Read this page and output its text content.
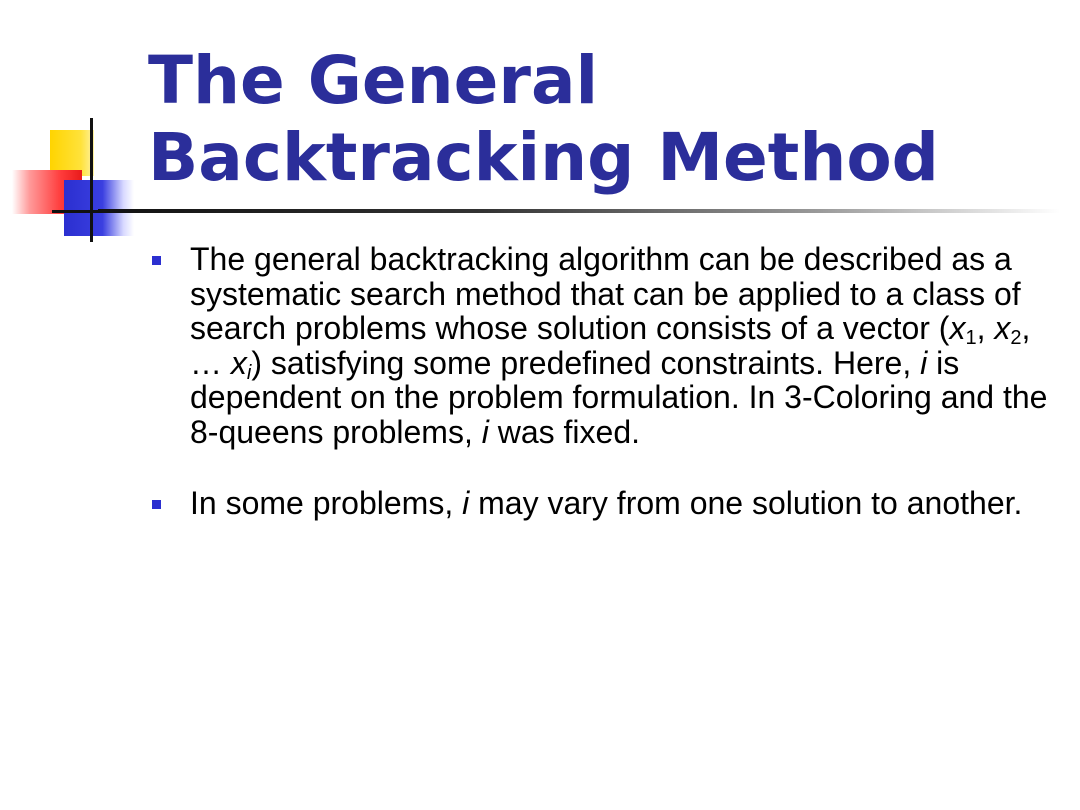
The General Backtracking Method
The general backtracking algorithm can be described as a systematic search method that can be applied to a class of search problems whose solution consists of a vector ($x_1$, $x_2$, … $x_i$) satisfying some predefined constraints. Here, i is dependent on the problem formulation. In 3-Coloring and the 8-queens problems, i was fixed.
In some problems, i may vary from one solution to another.
